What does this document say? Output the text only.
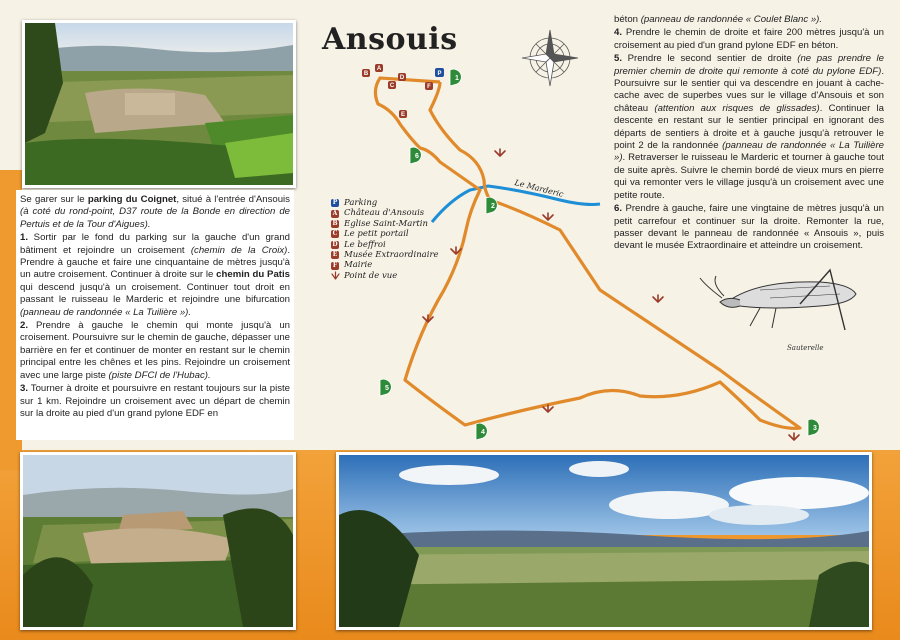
Se garer sur le parking du Coignet, situé à l'entrée d'Ansouis (à coté du rond-point, D37 route de la Bonde en direction de Pertuis et de la Tour d'Aigues).

1. Sortir par le fond du parking sur la gauche d'un grand bâtiment et rejoindre un croisement (chemin de la Croix). Prendre à gauche et faire une cinquantaine de mètres jusqu'à un autre croisement. Continuer à droite sur le chemin du Patis qui descend jusqu'à un croisement. Continuer tout droit en passant le ruisseau le Marderic et rejoindre une bifurcation (panneau de randonnée « La Tuilière »).

2. Prendre à gauche le chemin qui monte jusqu'à un croisement. Poursuivre sur le chemin de gauche, dépasser une barrière en fer et continuer de monter en restant sur le chemin principal entre les chênes et les pins. Rejoindre un croisement avec une large piste (piste DFCI de l'Hubac).

3. Tourner à droite et poursuivre en restant toujours sur la piste sur 1 km. Rejoindre un croisement avec un départ de chemin sur la droite au pied d'un grand pylone EDF en

béton (panneau de randonnée « Coulet Blanc »).

4. Prendre le chemin de droite et faire 200 mètres jusqu'à un croisement au pied d'un grand pylone EDF en béton.

5. Prendre le second sentier de droite (ne pas prendre le premier chemin de droite qui remonte à coté du pylone EDF). Poursuivre sur le sentier qui va descendre en jouant à cache-cache avec de superbes vues sur le village d'Ansouis et son château (attention aux risques de glissades). Continuer la descente en restant sur le sentier principal en ignorant des départs de sentiers à droite et à gauche jusqu'à retrouver le point 2 de la randonnée (panneau de randonnée « La Tuilière »). Retraverser le ruisseau le Marderic et tourner à gauche tout de suite après. Suivre le chemin bordé de vieux murs en pierre qui va remonter vers le village jusqu'à un croisement avec une petite route.

6. Prendre à gauche, faire une vingtaine de mètres jusqu'à un petit carrefour et continuer sur la droite. Remonter la rue, passer devant le panneau de randonnée « Ansouis », puis devant le musée Extraordinaire et atteindre un croisement.

Ansouis
P
A
B
C
D
E
F
1
2
3
4
5
6
Le Marderic
Sauterelle
P Parking
A Château d'Ansouis
B Eglise Saint-Martin
C Le petit portail
D Le beffroi
E Musée Extraordinaire
F Mairie
Point de vue
